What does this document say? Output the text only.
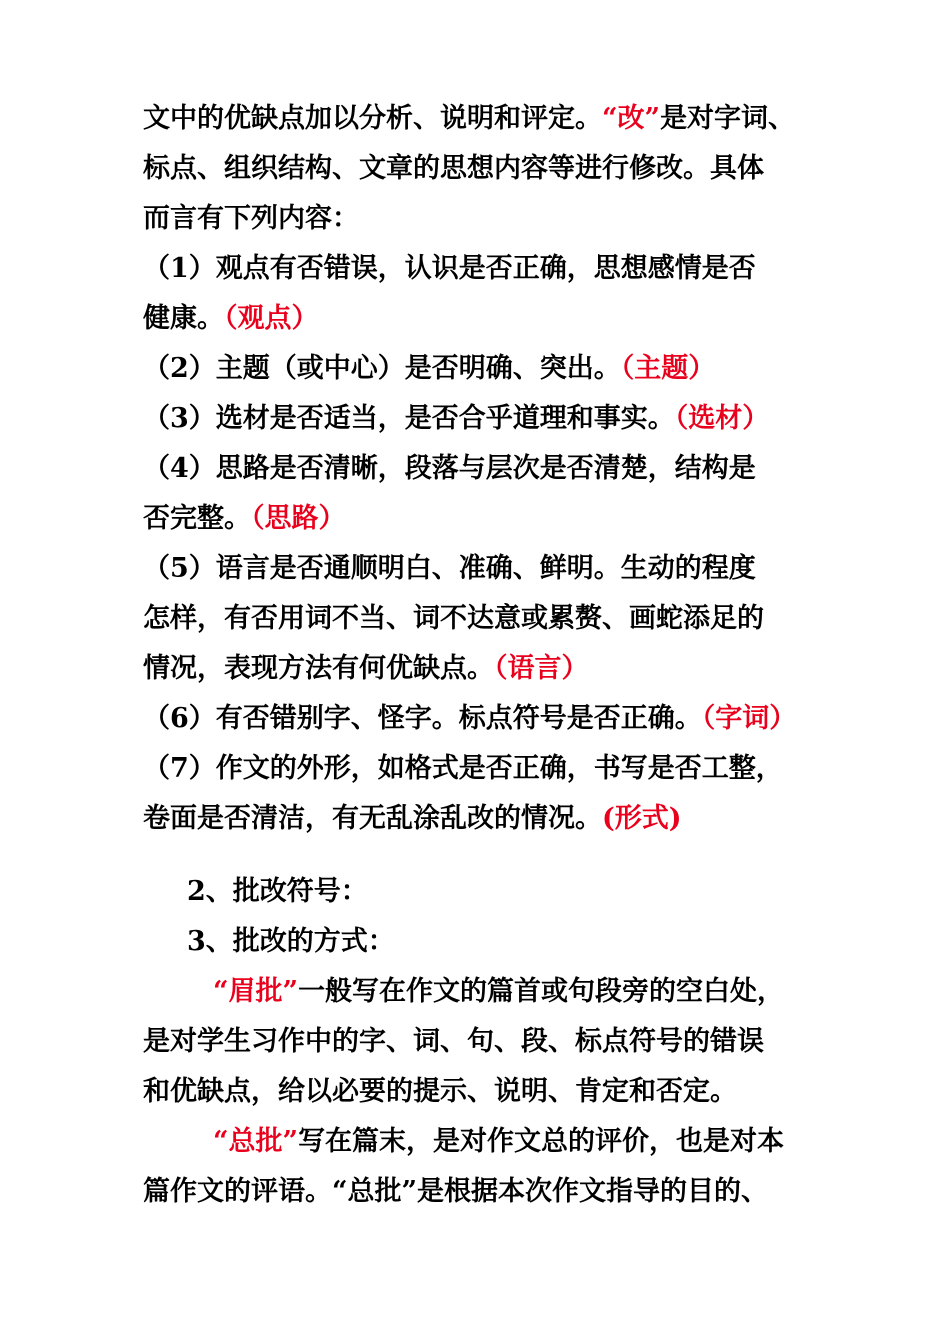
文中的优缺点加以分析、说明和评定。“改”是对字词、
标点、组织结构、文章的思想内容等进行修改。具体
而言有下列内容：
（1）观点有否错误，认识是否正确，思想感情是否
健康。（观点）
（2）主题（或中心）是否明确、突出。（主题）
（3）选材是否适当，是否合乎道理和事实。（选材）
（4）思路是否清晰，段落与层次是否清楚，结构是
否完整。（思路）
（5）语言是否通顺明白、准确、鲜明。生动的程度
怎样，有否用词不当、词不达意或累赘、画蛇添足的
情况，表现方法有何优缺点。（语言）
（6）有否错别字、怪字。标点符号是否正确。（字词）
（7）作文的外形，如格式是否正确，书写是否工整，
卷面是否清洁，有无乱涂乱改的情况。(形式)
2、批改符号：
3、批改的方式：
“眉批”一般写在作文的篇首或句段旁的空白处，
是对学生习作中的字、词、句、段、标点符号的错误
和优缺点，给以必要的提示、说明、肯定和否定。
“总批”写在篇末，是对作文总的评价，也是对本
篇作文的评语。“总批”是根据本次作文指导的目的、
